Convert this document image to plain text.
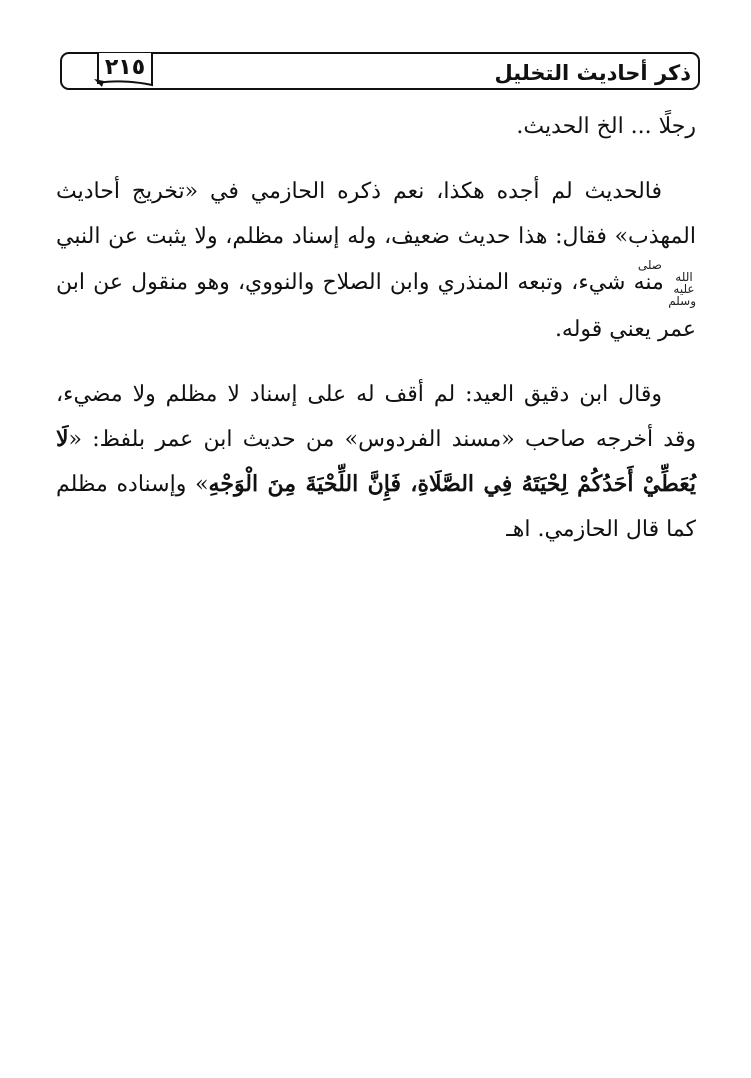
ذكر أحاديث التخليل
٢١٥

رجلًا ... الخ الحديث.

فالحديث لم أجده هكذا، نعم ذكره الحازمي في «تخريج أحاديث المهذب» فقال: هذا حديث ضعيف، وله إسناد مظلم، ولا يثبت عن النبي صلى الله عليه وسلم منه شيء، وتبعه المنذري وابن الصلاح والنووي، وهو منقول عن ابن عمر يعني قوله.

وقال ابن دقيق العيد: لم أقف له على إسناد لا مظلم ولا مضيء، وقد أخرجه صاحب «مسند الفردوس» من حديث ابن عمر بلفظ: «لَا يُعَطِّيْ أَحَدُكُمْ لِحْيَتَهُ فِي الصَّلَاةِ، فَإِنَّ اللِّحْيَةَ مِنَ الْوَجْهِ» وإسناده مظلم كما قال الحازمي. اهـ
